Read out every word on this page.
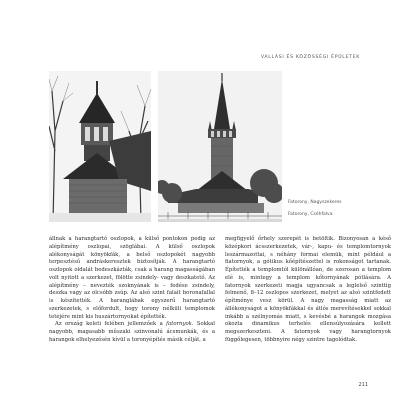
VALLÁSI ÉS KÖZÖSSÉGI ÉPÜLETEK
Fatorony, Nagyszekeres
Fatorony, Cséhfalva

állnak a harangtartó oszlopok, a külső pontokon pedig az alépítmény oszlopai, szöglábai. A külső oszlopok alékonyságát könyökfák, a belső oszlopokét nagyobb terpesztésű andráskeresztek biztosítják. A harangtartó oszlopok oldalát bedeszkázták, csak a harang magasságában volt nyitott a szerkezet, fölötte zsindely- vagy deszkatető. Az alépítmény – nevezték szoknyának is – fedése zsindely, deszka vagy az olcsóbb zsúp. Az alsó szint falait boronafallal is készítették. A haranglábak egyszerű harangtartó szerkezetek, s előfordult, hogy torony nélküli templomok tetejére mint kis huszártornyokat építették.

Az ország keleti felében jellemzőek a fatornyok. Sokkal nagyobb, magasabb műszaki szinvonalú ácsmunkák, és a harangok elhelyezésén kívül a toronyépítés másik célját, a

megfigyelő őrhely szerepét is betöltik. Bizonyosan a késő középkori ácsszerkezetek, vár-, kapu- és templomtornyok leszármazottai, s néhány formai elemük, mint például a fiatornyok, a gótikus kőépítészettel is rokonságot tartanak. Építették a templomtól különállóan, de szorosan a templom elé is, mintegy a templom kőtornyának pótlására. A fatornyok szerkezeti magja ugyancsak a leglelső szinttig felmenő, 8–12 oszlopos szerkezet, melyet az alsó szintfedett építménye vesz körül. A nagy magasság miatt az állékonyságot a könyökfákkal és átlós merevítésekkel sokkal inkább a szélnyomás miatt, s kevésbé a harangok mozgása okozta dinamikus terhelés ellensúlyozására kellett megszerkeszteni. A fatornyok vagy harangtornyok függőlegesen, többnyire négy szintre tagolódtak.

211
